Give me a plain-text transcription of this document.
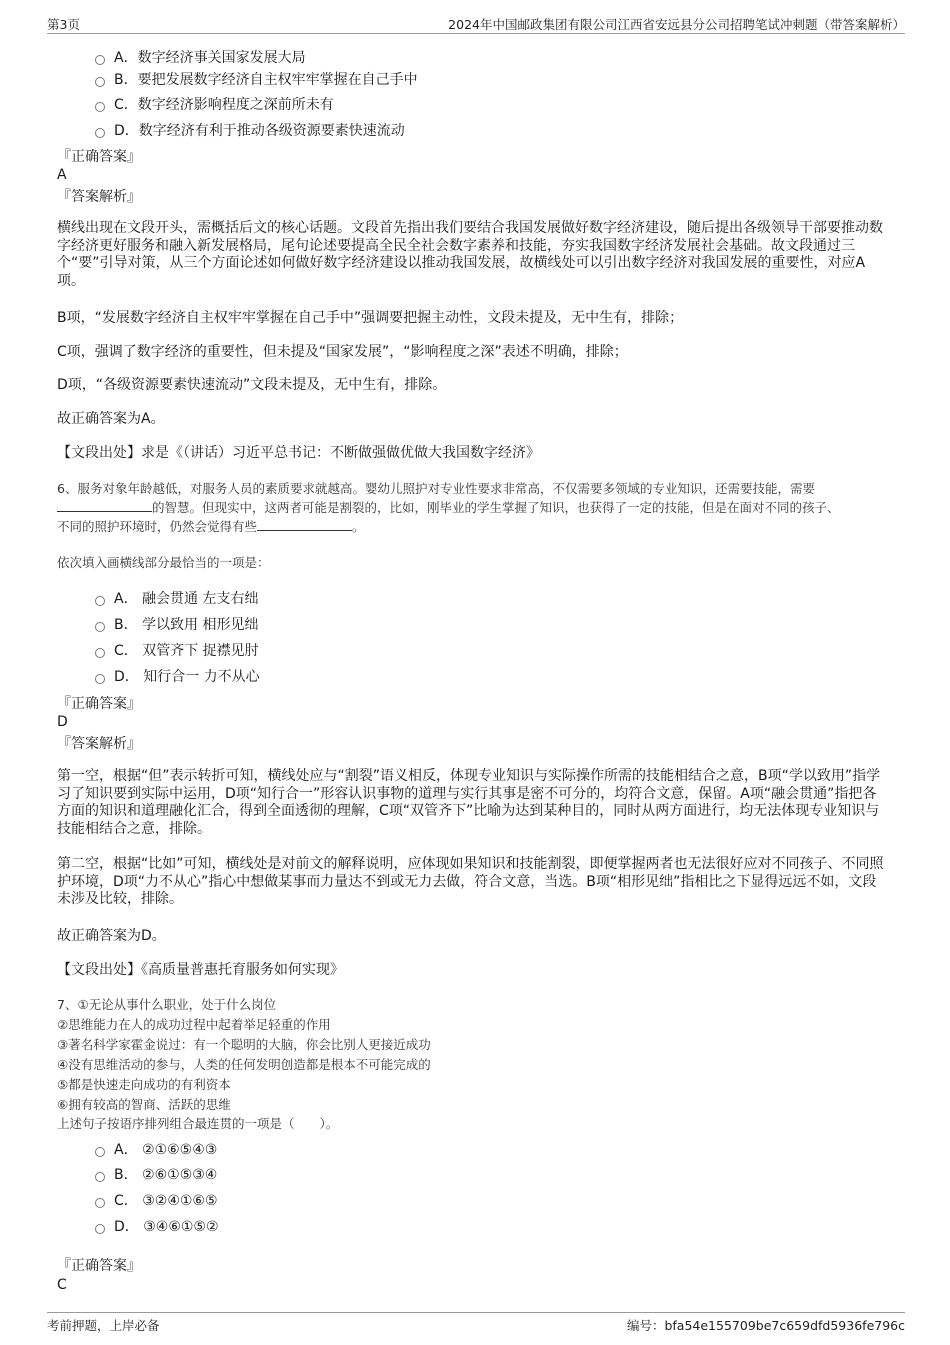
第3页	2024年中国邮政集团有限公司江西省安远县分公司招聘笔试冲刺题（带答案解析）
A．数字经济事关国家发展大局
B．要把发展数字经济自主权牢牢掌握在自己手中
C．数字经济影响程度之深前所未有
D．数字经济有利于推动各级资源要素快速流动
『正确答案』
A
『答案解析』
横线出现在文段开头，需概括后文的核心话题。文段首先指出我们要结合我国发展做好数字经济建设，随后提出各级领导干部要推动数字经济更好服务和融入新发展格局，尾句论述要提高全民全社会数字素养和技能，夯实我国数字经济发展社会基础。故文段通过三个“要”引导对策，从三个方面论述如何做好数字经济建设以推动我国发展，故横线处可以引出数字经济对我国发展的重要性，对应A项。
B项，“发展数字经济自主权牢牢掌握在自己手中”强调要把握主动性，文段未提及，无中生有，排除；
C项，强调了数字经济的重要性，但未提及“国家发展”，“影响程度之深”表述不明确，排除；
D项，“各级资源要素快速流动”文段未提及，无中生有，排除。
故正确答案为A。
【文段出处】求是《（讲话）习近平总书记：不断做强做优做大我国数字经济》
6、服务对象年龄越低，对服务人员的素质要求就越高。婴幼儿照护对专业性要求非常高，不仅需要多领域的专业知识，还需要技能，需要
的智慧。但现实中，这两者可能是割裂的，比如，刚毕业的学生掌握了知识，也获得了一定的技能，但是在面对不同的孩子、
不同的照护环境时，仍然会觉得有些	。
依次填入画横线部分最恰当的一项是：
A． 融会贯通 左支右绌
B． 学以致用 相形见绌
C． 双管齐下 捉襟见肘
D． 知行合一 力不从心
『正确答案』
D
『答案解析』
第一空，根据“但”表示转折可知，横线处应与“割裂”语义相反，体现专业知识与实际操作所需的技能相结合之意，B项“学以致用”指学习了知识要到实际中运用，D项“知行合一”形容认识事物的道理与实行其事是密不可分的，均符合文意，保留。A项“融会贯通”指把各方面的知识和道理融化汇合，得到全面透彻的理解，C项“双管齐下”比喻为达到某种目的，同时从两方面进行，均无法体现专业知识与技能相结合之意，排除。
第二空，根据“比如”可知，横线处是对前文的解释说明，应体现如果知识和技能割裂，即便掌握两者也无法很好应对不同孩子、不同照护环境，D项“力不从心”指心中想做某事而力量达不到或无力去做，符合文意，当选。B项“相形见绌”指相比之下显得远远不如，文段未涉及比较，排除。
故正确答案为D。
【文段出处】《高质量普惠托育服务如何实现》
7、①无论从事什么职业，处于什么岗位
②思维能力在人的成功过程中起着举足轻重的作用
③著名科学家霍金说过：有一个聪明的大脑，你会比别人更接近成功
④没有思维活动的参与，人类的任何发明创造都是根本不可能完成的
⑤都是快速走向成功的有利资本
⑥拥有较高的智商、活跃的思维
上述句子按语序排列组合最连贯的一项是（　　）。
A． ②①⑥⑤④③
B． ②⑥①⑤③④
C． ③②④①⑥⑤
D． ③④⑥①⑤②
『正确答案』
C
考前押题，上岸必备	编号：bfa54e155709be7c659dfd5936fe796c
